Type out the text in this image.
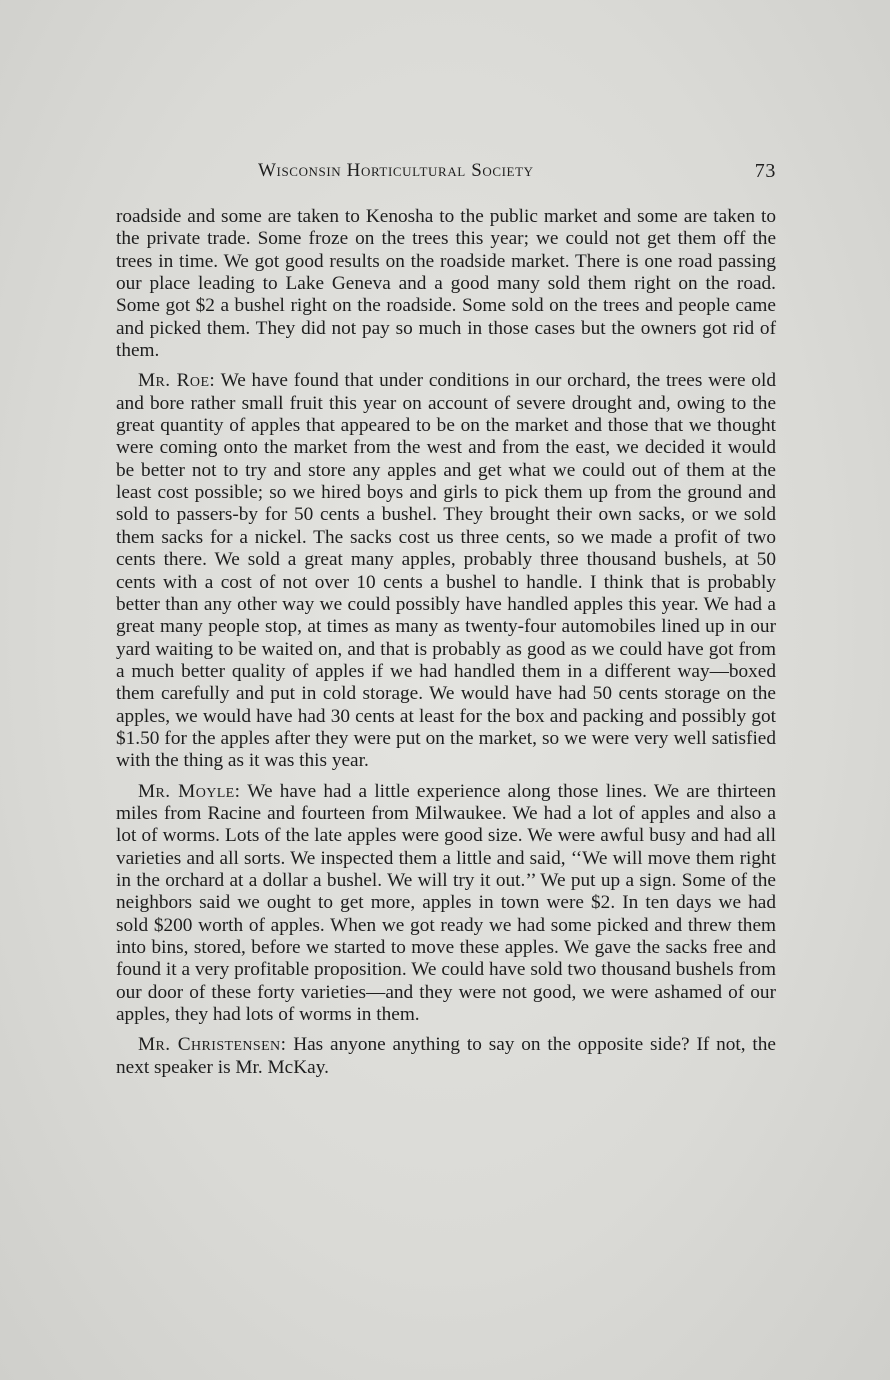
Wisconsin Horticultural Society	73

roadside and some are taken to Kenosha to the public market and some are taken to the private trade. Some froze on the trees this year; we could not get them off the trees in time. We got good results on the roadside market. There is one road passing our place leading to Lake Geneva and a good many sold them right on the road. Some got $2 a bushel right on the roadside. Some sold on the trees and people came and picked them. They did not pay so much in those cases but the owners got rid of them.

Mr. Roe: We have found that under conditions in our orchard, the trees were old and bore rather small fruit this year on account of severe drought and, owing to the great quantity of apples that appeared to be on the market and those that we thought were coming onto the market from the west and from the east, we decided it would be better not to try and store any apples and get what we could out of them at the least cost possible; so we hired boys and girls to pick them up from the ground and sold to passers-by for 50 cents a bushel. They brought their own sacks, or we sold them sacks for a nickel. The sacks cost us three cents, so we made a profit of two cents there. We sold a great many apples, probably three thousand bushels, at 50 cents with a cost of not over 10 cents a bushel to handle. I think that is probably better than any other way we could possibly have handled apples this year. We had a great many people stop, at times as many as twenty-four automobiles lined up in our yard waiting to be waited on, and that is probably as good as we could have got from a much better quality of apples if we had handled them in a different way—boxed them carefully and put in cold storage. We would have had 50 cents storage on the apples, we would have had 30 cents at least for the box and packing and possibly got $1.50 for the apples after they were put on the market, so we were very well satisfied with the thing as it was this year.

Mr. Moyle: We have had a little experience along those lines. We are thirteen miles from Racine and fourteen from Milwaukee. We had a lot of apples and also a lot of worms. Lots of the late apples were good size. We were awful busy and had all varieties and all sorts. We inspected them a little and said, ‘‘We will move them right in the orchard at a dollar a bushel. We will try it out.’’ We put up a sign. Some of the neighbors said we ought to get more, apples in town were $2. In ten days we had sold $200 worth of apples. When we got ready we had some picked and threw them into bins, stored, before we started to move these apples. We gave the sacks free and found it a very profitable proposition. We could have sold two thousand bushels from our door of these forty varieties—and they were not good, we were ashamed of our apples, they had lots of worms in them.

Mr. Christensen: Has anyone anything to say on the opposite side? If not, the next speaker is Mr. McKay.
